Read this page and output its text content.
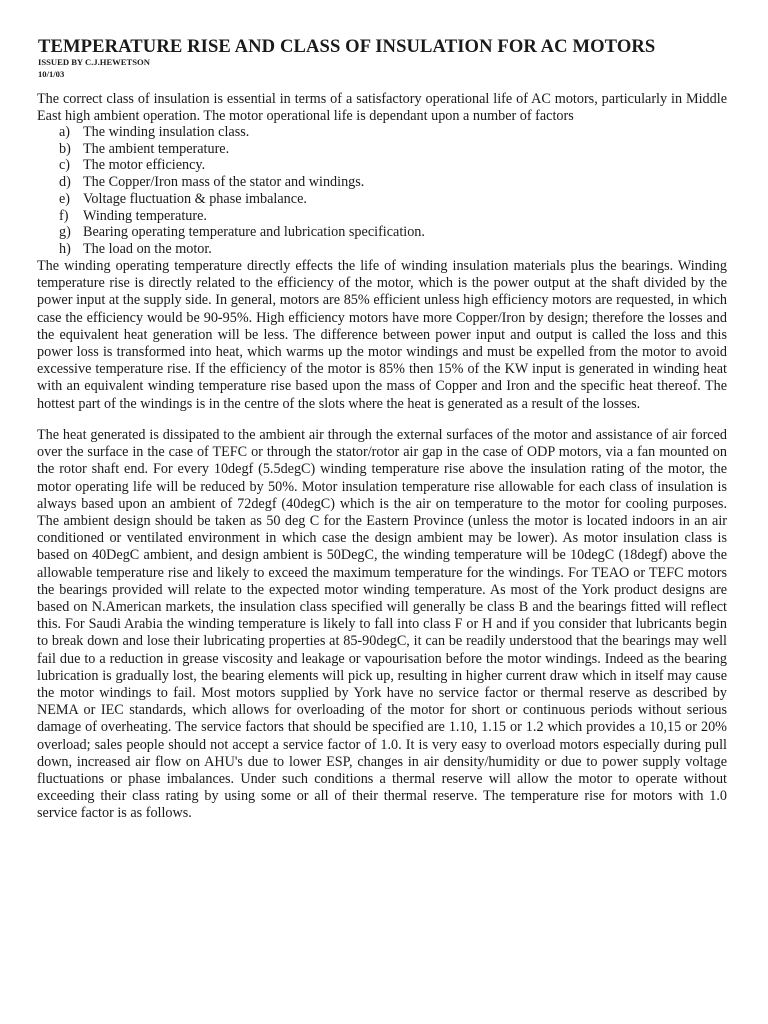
TEMPERATURE RISE AND CLASS OF INSULATION FOR AC MOTORS
ISSUED BY C.J.HEWETSON
10/1/03

The correct class of insulation is essential in terms of a satisfactory operational life of AC motors, particularly in Middle East high ambient operation. The motor operational life is dependant upon a number of factors

a) The winding insulation class.
b) The ambient temperature.
c) The motor efficiency.
d) The Copper/Iron mass of the stator and windings.
e) Voltage fluctuation & phase imbalance.
f)	Winding temperature.
g) Bearing operating temperature and lubrication specification.
h) The load on the motor.

The winding operating temperature directly effects the life of winding insulation materials plus the bearings. Winding temperature rise is directly related to the efficiency of the motor, which is the power output at the shaft divided by the power input at the supply side. In general, motors are 85% efficient unless high efficiency motors are requested, in which case the efficiency would be 90-95%. High efficiency motors have more Copper/Iron by design; therefore the losses and the equivalent heat generation will be less. The difference between power input and output is called the loss and this power loss is transformed into heat, which warms up the motor windings and must be expelled from the motor to avoid excessive temperature rise. If the efficiency of the motor is 85% then 15% of the KW input is generated in winding heat with an equivalent winding temperature rise based upon the mass of Copper and Iron and the specific heat thereof. The hottest part of the windings is in the centre of the slots where the heat is generated as a result of the losses.

The heat generated is dissipated to the ambient air through the external surfaces of the motor and assistance of air forced over the surface in the case of TEFC or through the stator/rotor air gap in the case of ODP motors, via a fan mounted on the rotor shaft end. For every 10degf (5.5degC) winding temperature rise above the insulation rating of the motor, the motor operating life will be reduced by 50%. Motor insulation temperature rise allowable for each class of insulation is always based upon an ambient of 72degf (40degC) which is the air on temperature to the motor for cooling purposes. The ambient design should be taken as 50 deg C for the Eastern Province (unless the motor is located indoors in an air conditioned or ventilated environment in which case the design ambient may be lower). As motor insulation class is based on 40DegC ambient, and design ambient is 50DegC, the winding temperature will be 10degC (18degf) above the allowable temperature rise and likely to exceed the maximum temperature for the windings. For TEAO or TEFC motors the bearings provided will relate to the expected motor winding temperature. As most of the York product designs are based on N.American markets, the insulation class specified will generally be class B and the bearings fitted will reflect this. For Saudi Arabia the winding temperature is likely to fall into class F or H and if you consider that lubricants begin to break down and lose their lubricating properties at 85-90degC, it can be readily understood that the bearings may well fail due to a reduction in grease viscosity and leakage or vapourisation before the motor windings. Indeed as the bearing lubrication is gradually lost, the bearing elements will pick up, resulting in higher current draw which in itself may cause the motor windings to fail. Most motors supplied by York have no service factor or thermal reserve as described by NEMA or IEC standards, which allows for overloading of the motor for short or continuous periods without serious damage of overheating. The service factors that should be specified are 1.10, 1.15 or 1.2 which provides a 10,15 or 20% overload; sales people should not accept a service factor of 1.0. It is very easy to overload motors especially during pull down, increased air flow on AHU's due to lower ESP, changes in air density/humidity or due to power supply voltage fluctuations or phase imbalances. Under such conditions a thermal reserve will allow the motor to operate without exceeding their class rating by using some or all of their thermal reserve. The temperature rise for motors with 1.0 service factor is as follows.
